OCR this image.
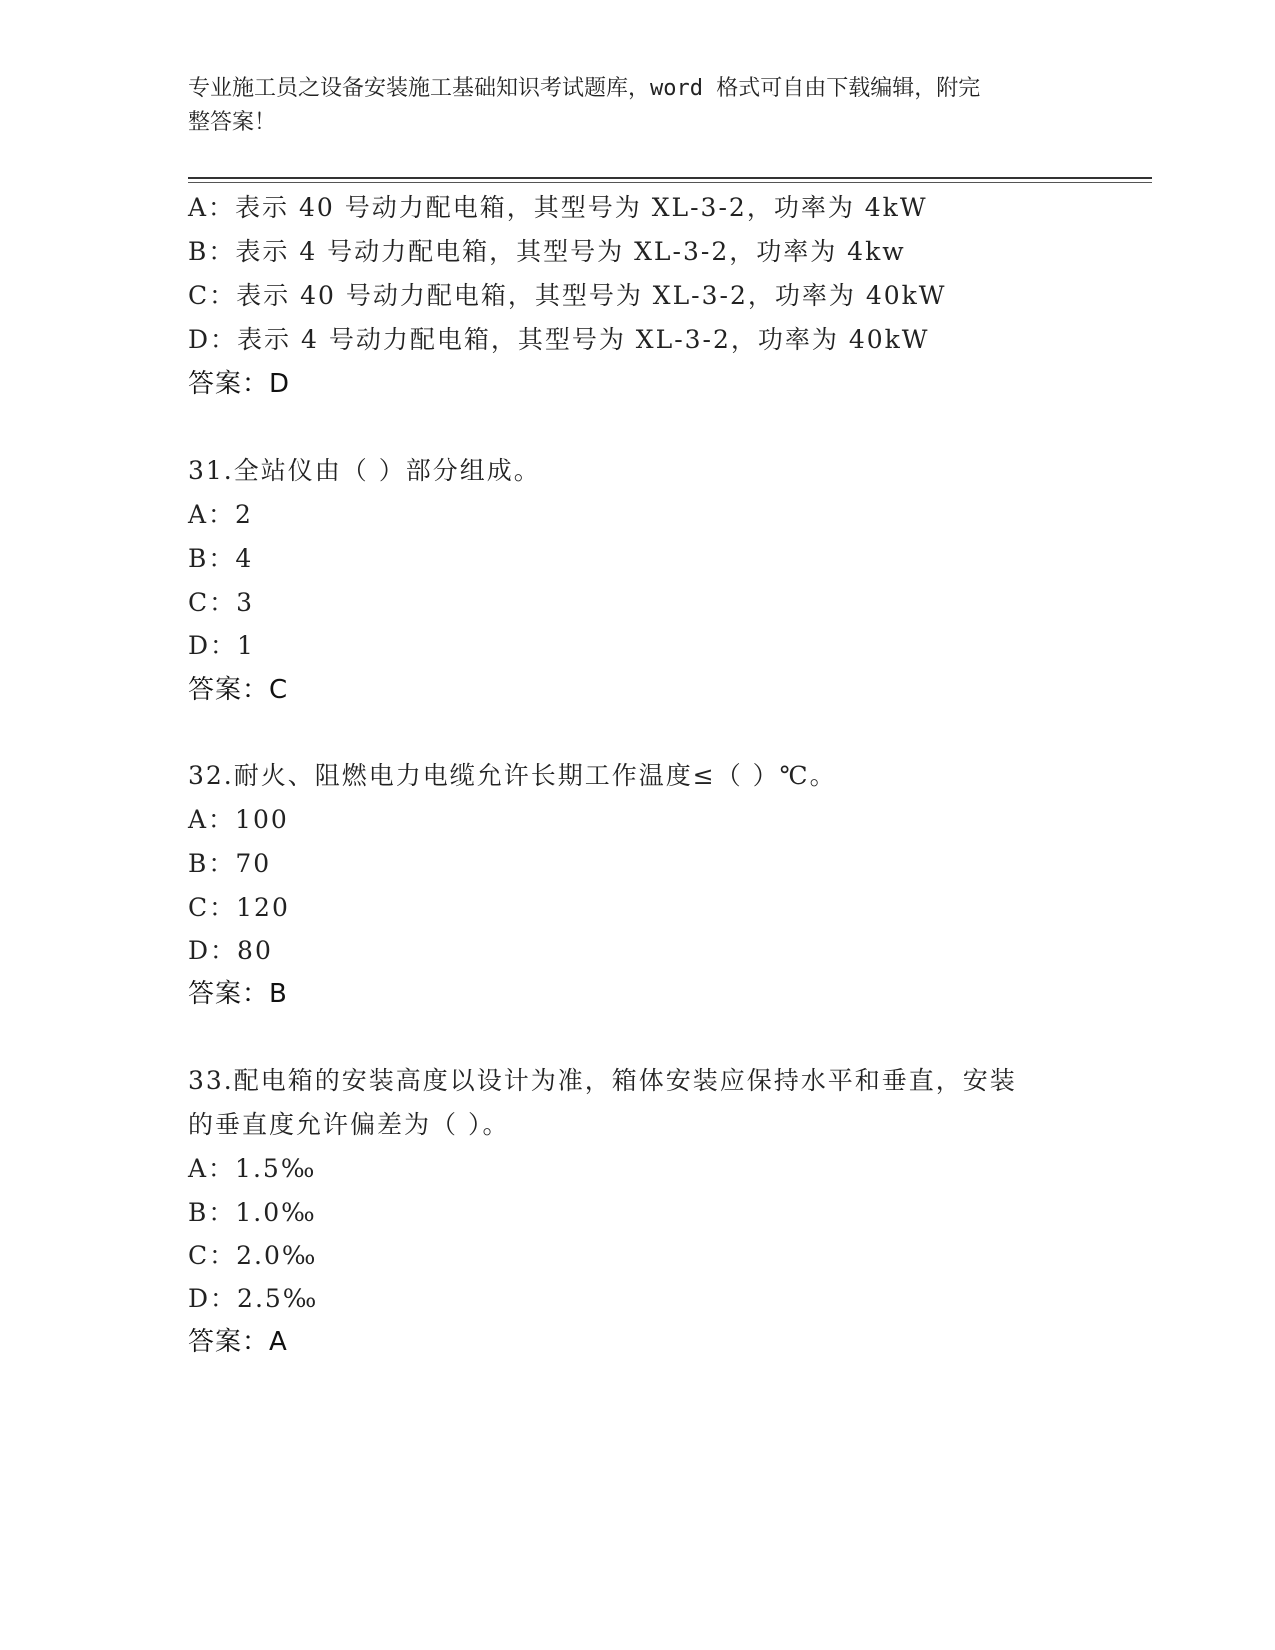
专业施工员之设备安装施工基础知识考试题库，word 格式可自由下载编辑，附完
整答案！
A：表示 40 号动力配电箱，其型号为 XL-3-2，功率为 4kW
B：表示 4 号动力配电箱，其型号为 XL-3-2，功率为 4kw
C：表示 40 号动力配电箱，其型号为 XL-3-2，功率为 40kW
D：表示 4 号动力配电箱，其型号为 XL-3-2，功率为 40kW
答案：D
31.全站仪由（ ）部分组成。
A：2
B：4
C：3
D：1
答案：C
32.耐火、阻燃电力电缆允许长期工作温度≤（ ）℃。
A：100
B：70
C：120
D：80
答案：B
33.配电箱的安装高度以设计为准，箱体安装应保持水平和垂直，安装
的垂直度允许偏差为（ ）。
A：1.5‰
B：1.0‰
C：2.0‰
D：2.5‰
答案：A
